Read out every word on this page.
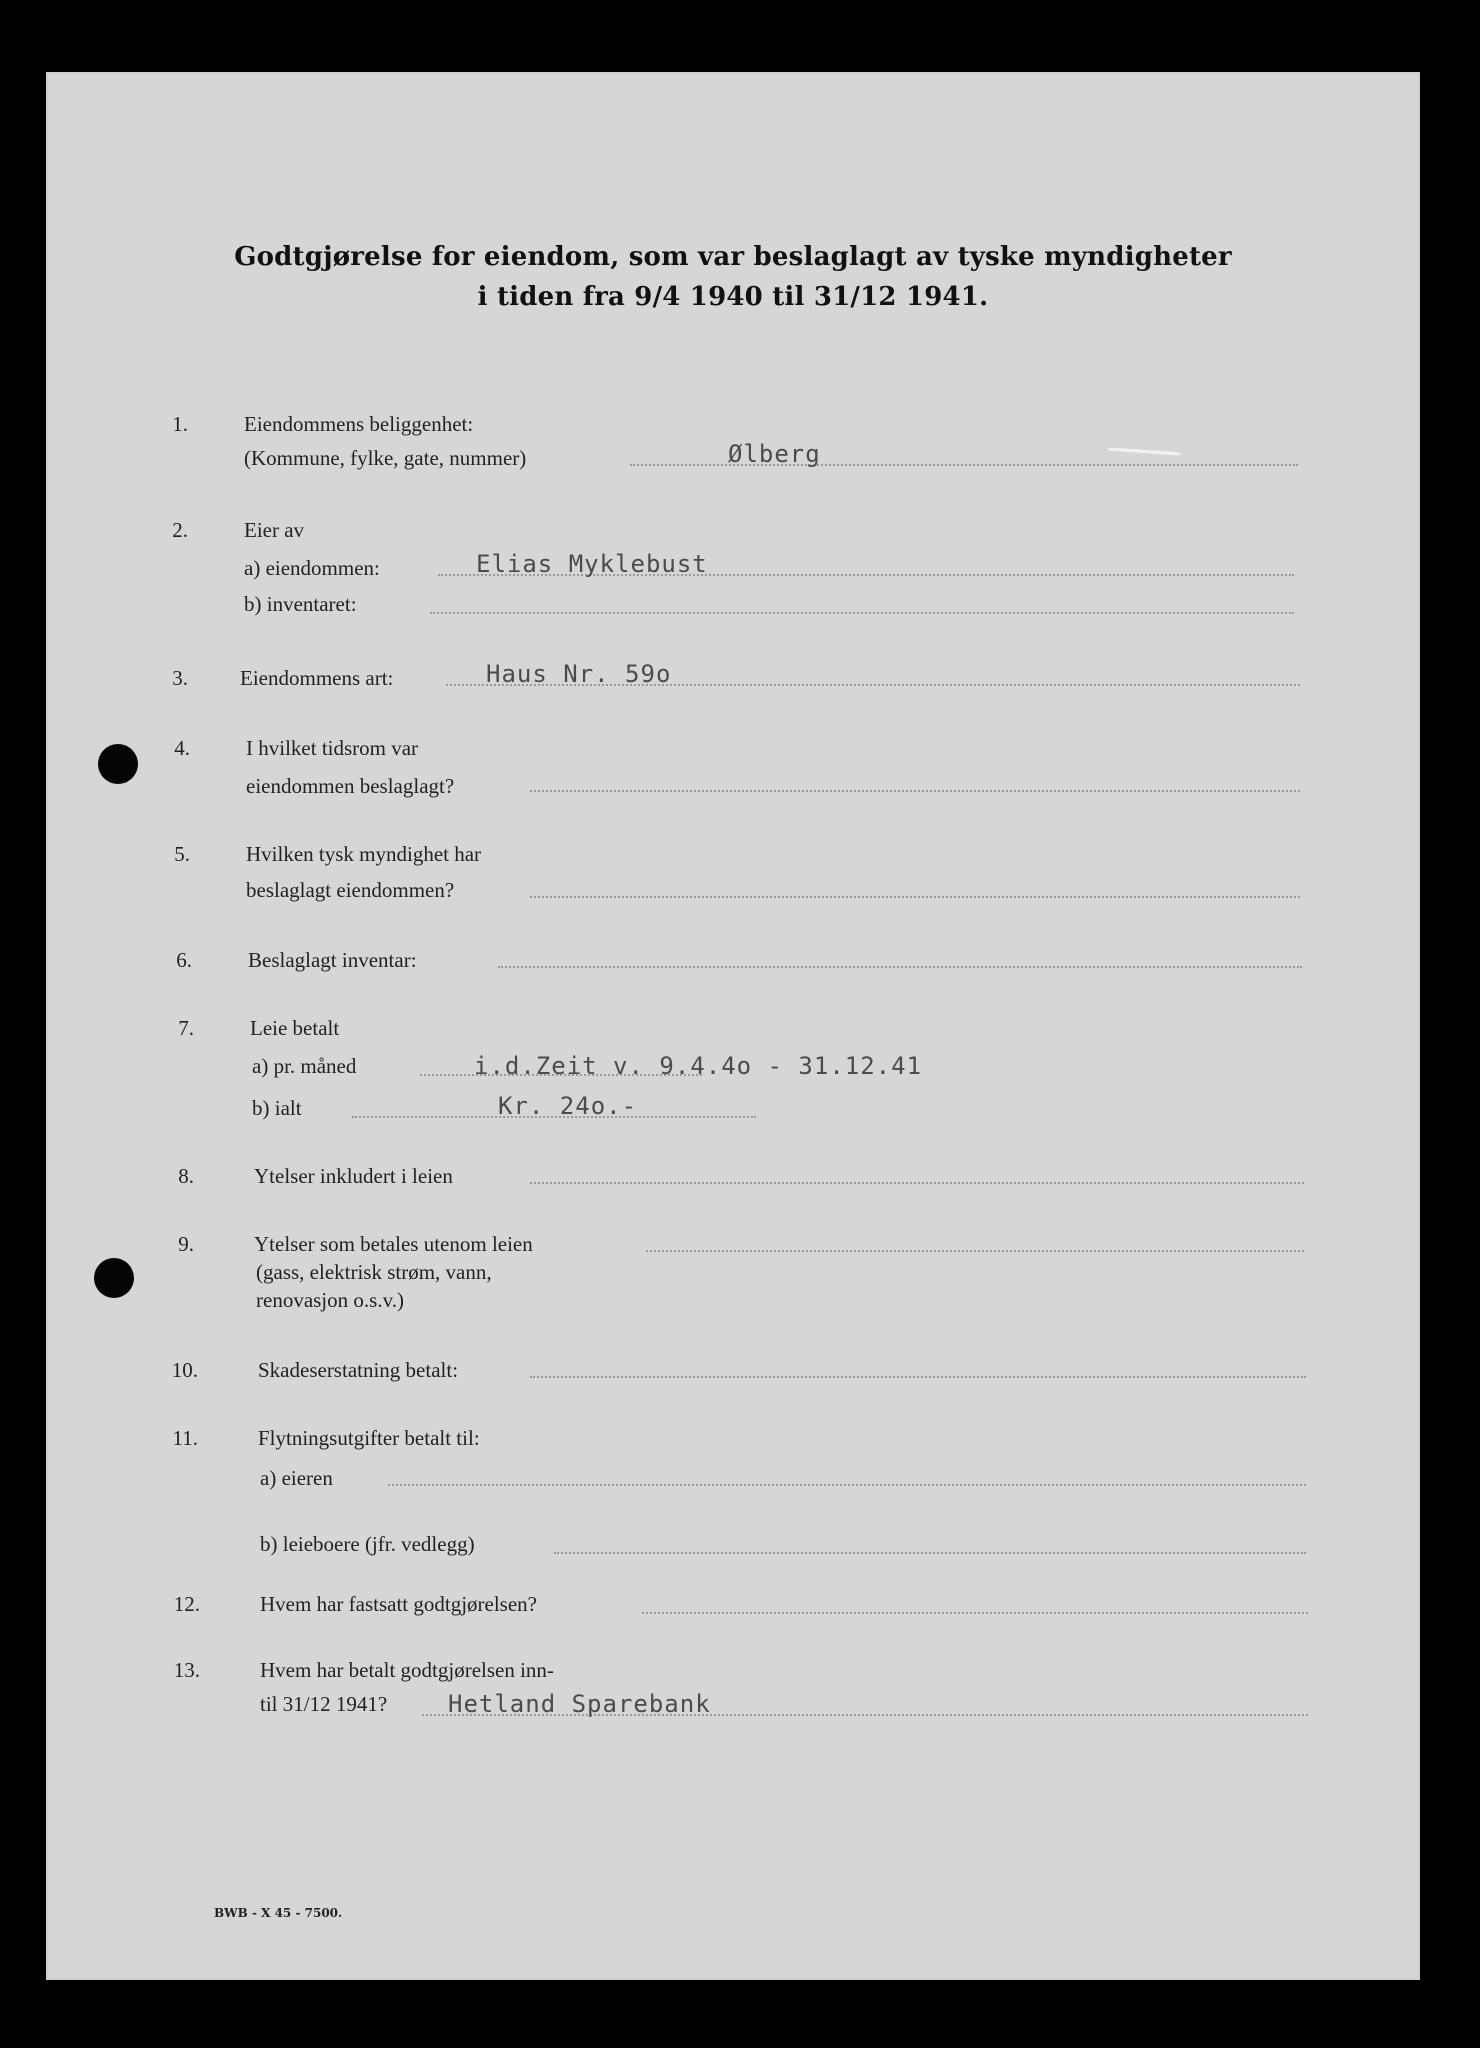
Godtgjørelse for eiendom, som var beslaglagt av tyske myndigheter
i tiden fra 9/4 1940 til 31/12 1941.
1.	Eiendommens beliggenhet:
(Kommune, fylke, gate, nummer)	Ølberg
2.	Eier av
a) eiendommen:	Elias Myklebust
b) inventaret:
3. Eiendommens art:	Haus Nr. 59o
4.	I hvilket tidsrom var
eiendommen beslaglagt?
5.	Hvilken tysk myndighet har
beslaglagt eiendommen?
6.	Beslaglagt inventar:
7.	Leie betalt
a) pr. måned	i.d.Zeit v. 9.4.4o - 31.12.41
b) ialt	Kr. 24o.-
8.	Ytelser inkludert i leien
9.	Ytelser som betales utenom leien
(gass, elektrisk strøm, vann,
renovasjon o.s.v.)
10.	Skadeserstatning betalt:
11.	Flytningsutgifter betalt til:
a) eieren
b) leieboere (jfr. vedlegg)
12.	Hvem har fastsatt godtgjørelsen?
13.	Hvem har betalt godtgjørelsen inn-
til 31/12 1941?	Hetland Sparebank
BWB - X 45 - 7500.
